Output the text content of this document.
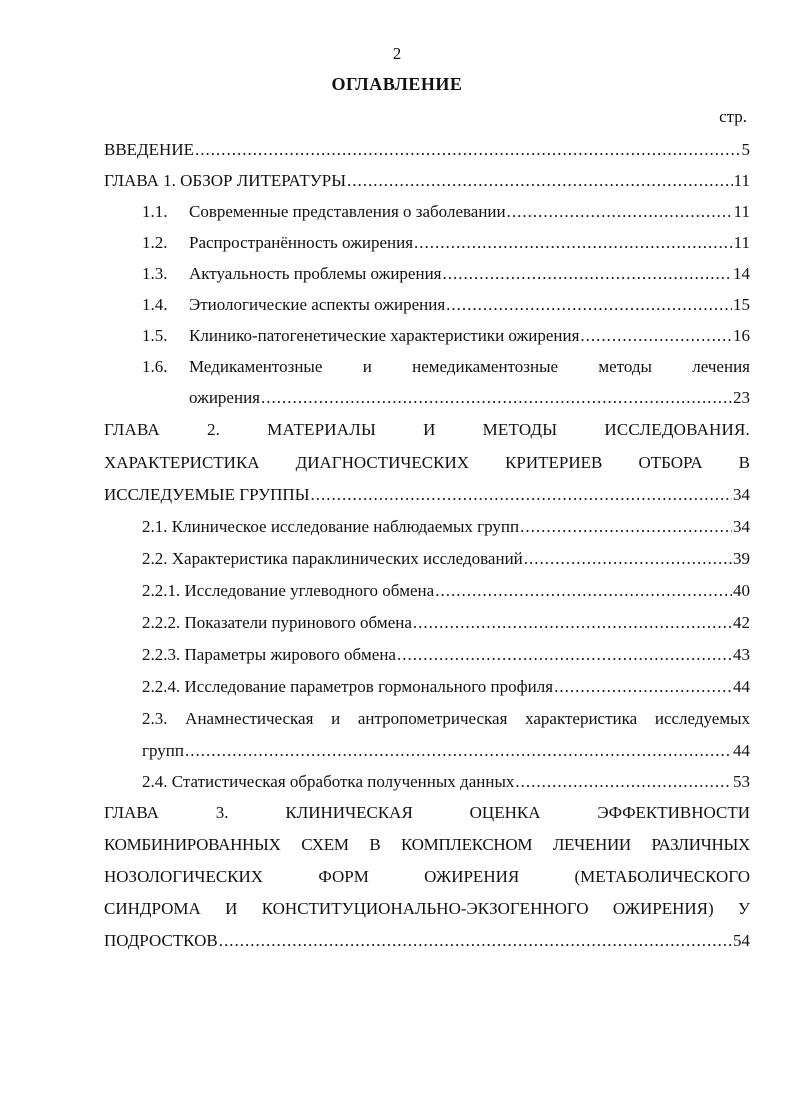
2
ОГЛАВЛЕНИЕ
стр.
ВВЕДЕНИЕ .....	5
ГЛАВА 1. ОБЗОР ЛИТЕРАТУРЫ .....	11
1.1.	Современные представления о заболевании .....	11
1.2.	Распространённость ожирения .....	11
1.3.	Актуальность проблемы ожирения .....	14
1.4.	Этиологические аспекты ожирения .....	15
1.5.	Клинико-патогенетические характеристики ожирения .....	16
1.6. Медикаментозные и немедикаментозные методы лечения
ожирения .....	23
ГЛАВА 2. МАТЕРИАЛЫ И МЕТОДЫ ИССЛЕДОВАНИЯ.
ХАРАКТЕРИСТИКА ДИАГНОСТИЧЕСКИХ КРИТЕРИЕВ ОТБОРА В
ИССЛЕДУЕМЫЕ ГРУППЫ .....	34
2.1. Клиническое исследование наблюдаемых групп .....	34
2.2. Характеристика параклинических исследований .....	39
2.2.1. Исследование углеводного обмена .....	40
2.2.2. Показатели пуринового обмена .....	42
2.2.3. Параметры жирового обмена .....	43
2.2.4. Исследование параметров гормонального профиля .....	44
2.3. Анамнестическая и антропометрическая характеристика исследуемых
групп .....	44
2.4. Статистическая обработка полученных данных .....	53
ГЛАВА 3. КЛИНИЧЕСКАЯ ОЦЕНКА ЭФФЕКТИВНОСТИ
КОМБИНИРОВАННЫХ СХЕМ В КОМПЛЕКСНОМ ЛЕЧЕНИИ РАЗЛИЧНЫХ
НОЗОЛОГИЧЕСКИХ ФОРМ ОЖИРЕНИЯ (МЕТАБОЛИЧЕСКОГО
СИНДРОМА И КОНСТИТУЦИОНАЛЬНО-ЭКЗОГЕННОГО ОЖИРЕНИЯ) У
ПОДРОСТКОВ .....	54
